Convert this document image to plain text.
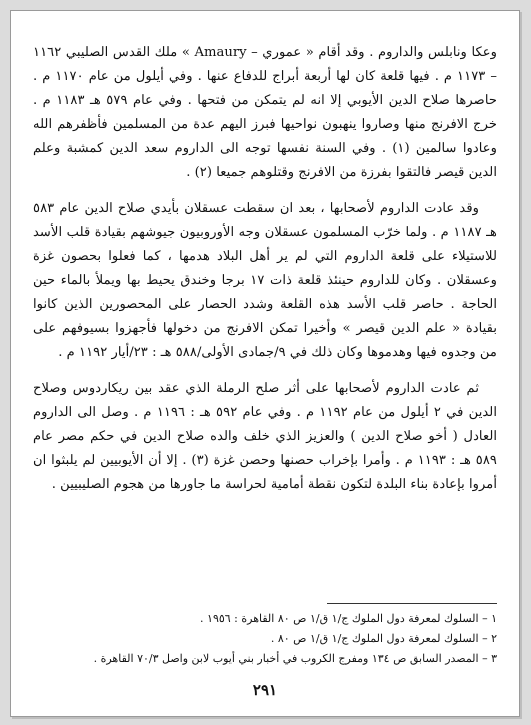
وعكا ونابلس والداروم . وقد أقام « عموري – Amaury » ملك القدس الصليبي ١١٦٢ – ١١٧٣ م . فيها قلعة كان لها أربعة أبراج للدفاع عنها . وفي أيلول من عام ١١٧٠ م . حاصرها صلاح الدين الأيوبي إلا انه لم يتمكن من فتحها . وفي عام ٥٧٩ هـ ١١٨٣ م . خرج الافرنج منها وصاروا ينهبون نواحيها فبرز اليهم عدة من المسلمين فأظفرهم الله وعادوا سالمين (١) . وفي السنة نفسها توجه الى الداروم سعد الدين كمشبة وعلم الدين قيصر فالتقوا بفرزة من الافرنج وقتلوهم جميعا (٢) .

وقد عادت الداروم لأصحابها ، بعد ان سقطت عسقلان بأيدي صلاح الدين عام ٥٨٣ هـ ١١٨٧ م . ولما خرّب المسلمون عسقلان وجه الأوروبيون جيوشهم بقيادة قلب الأسد للاستيلاء على قلعة الداروم التي لم ير أهل البلاد هدمها ، كما فعلوا بحصون غزة وعسقلان . وكان للداروم حينئذ قلعة ذات ١٧ برجا وخندق يحيط بها ويملأ بالماء حين الحاجة . حاصر قلب الأسد هذه القلعة وشدد الحصار على المحصورين الذين كانوا بقيادة « علم الدين قيصر » وأخيرا تمكن الافرنج من دخولها فأجهزوا بسيوفهم على من وجدوه فيها وهدموها وكان ذلك في ٩/جمادى الأولى/٥٨٨ هـ : ٢٣/أيار ١١٩٢ م .

ثم عادت الداروم لأصحابها على أثر صلح الرملة الذي عقد بين ريكاردوس وصلاح الدين في ٢ أيلول من عام ١١٩٢ م . وفي عام ٥٩٢ هـ : ١١٩٦ م . وصل الى الداروم العادل ( أخو صلاح الدين ) والعزيز الذي خلف والده صلاح الدين في حكم مصر عام ٥٨٩ هـ : ١١٩٣ م . وأمرا بإخراب حصنها وحصن غزة (٣) . إلا أن الأيوبيين لم يلبثوا ان أمروا بإعادة بناء البلدة لتكون نقطة أمامية لحراسة ما جاورها من هجوم الصليبيين .

١ – السلوك لمعرفة دول الملوك ج/١ ق/١ ص ٨٠ القاهرة : ١٩٥٦ .

٢ – السلوك لمعرفة دول الملوك ج/١ ق/١ ص ٨٠ .

٣ – المصدر السابق ص ١٣٤ ومفرج الكروب في أخبار بني أيوب لابن واصل ٧٠/٣ القاهرة .

٢٩١
